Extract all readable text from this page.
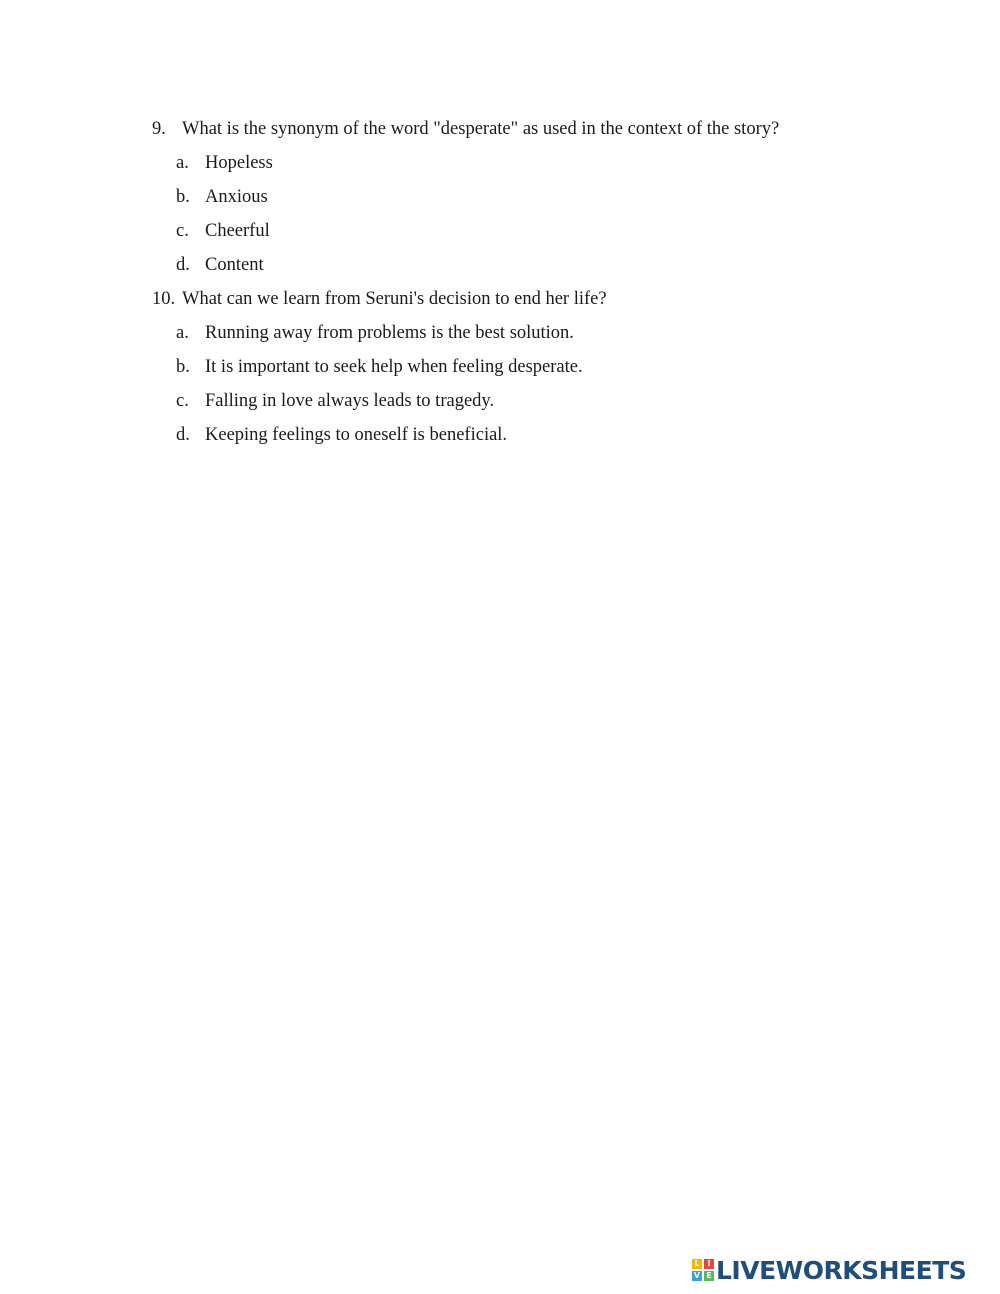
9. What is the synonym of the word "desperate" as used in the context of the story?
a. Hopeless
b. Anxious
c. Cheerful
d. Content
10. What can we learn from Seruni's decision to end her life?
a. Running away from problems is the best solution.
b. It is important to seek help when feeling desperate.
c. Falling in love always leads to tragedy.
d. Keeping feelings to oneself is beneficial.
L I
V E LIVEWORKSHEETS
